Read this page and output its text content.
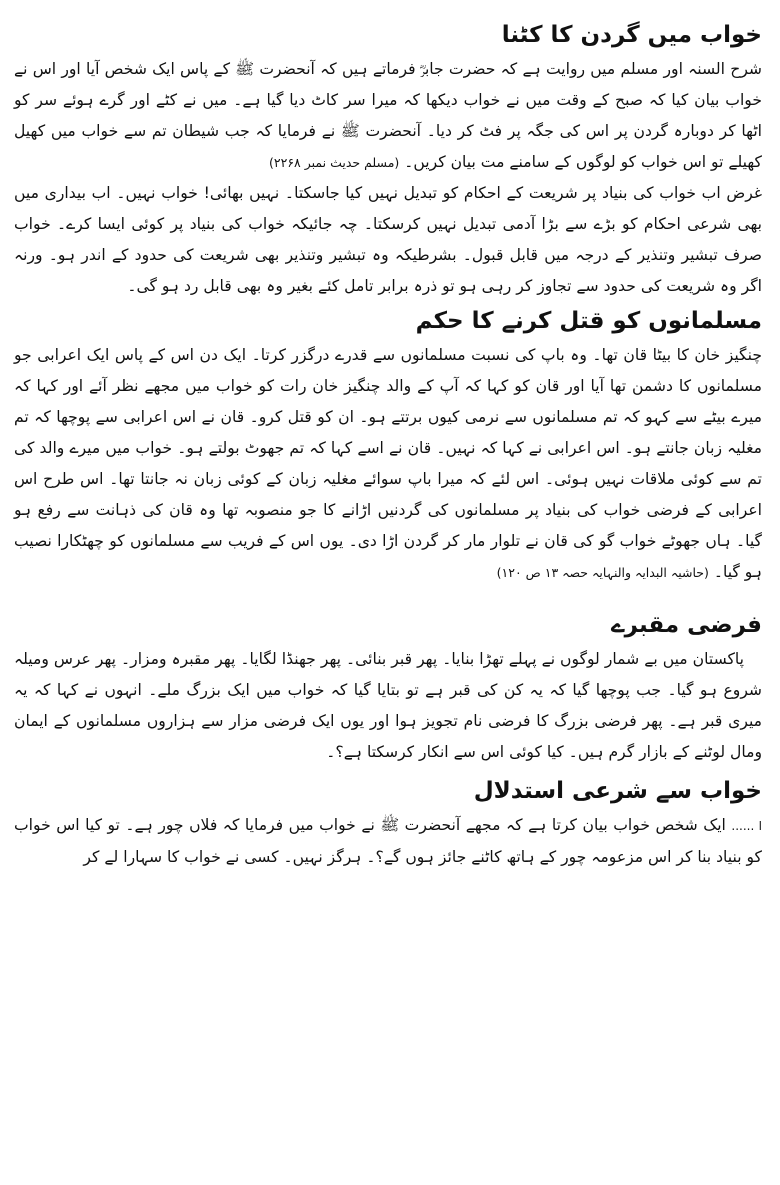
خواب میں گردن کا کٹنا

شرح السنہ اور مسلم میں روایت ہے کہ حضرت جابرؓ فرماتے ہیں کہ آنحضرت ﷺ کے پاس ایک شخص آیا اور اس نے خواب بیان کیا کہ صبح کے وقت میں نے خواب دیکھا کہ میرا سر کاٹ دیا گیا ہے۔ میں نے کٹے اور گرے ہوئے سر کو اٹھا کر دوبارہ گردن پر اس کی جگہ پر فٹ کر دیا۔ آنحضرت ﷺ نے فرمایا کہ جب شیطان تم سے خواب میں کھیل کھیلے تو اس خواب کو لوگوں کے سامنے مت بیان کریں۔ (مسلم حدیث نمبر ۲۲۶۸)

غرض اب خواب کی بنیاد پر شریعت کے احکام کو تبدیل نہیں کیا جاسکتا۔ نہیں بھائی! خواب نہیں۔ اب بیداری میں بھی شرعی احکام کو بڑے سے بڑا آدمی تبدیل نہیں کرسکتا۔ چہ جائیکہ خواب کی بنیاد پر کوئی ایسا کرے۔ خواب صرف تبشیر وتنذیر کے درجہ میں قابل قبول۔ بشرطیکہ وہ تبشیر وتنذیر بھی شریعت کی حدود کے اندر ہو۔ ورنہ اگر وہ شریعت کی حدود سے تجاوز کر رہی ہو تو ذرہ برابر تامل کئے بغیر وہ بھی قابل رد ہو گی۔

مسلمانوں کو قتل کرنے کا حکم

چنگیز خان کا بیٹا قان تھا۔ وہ باپ کی نسبت مسلمانوں سے قدرے درگزر کرتا۔ ایک دن اس کے پاس ایک اعرابی جو مسلمانوں کا دشمن تھا آیا اور قان کو کہا کہ آپ کے والد چنگیز خان رات کو خواب میں مجھے نظر آئے اور کہا کہ میرے بیٹے سے کہو کہ تم مسلمانوں سے نرمی کیوں برتتے ہو۔ ان کو قتل کرو۔ قان نے اس اعرابی سے پوچھا کہ تم مغلیہ زبان جانتے ہو۔ اس اعرابی نے کہا کہ نہیں۔ قان نے اسے کہا کہ تم جھوٹ بولتے ہو۔ خواب میں میرے والد کی تم سے کوئی ملاقات نہیں ہوئی۔ اس لئے کہ میرا باپ سوائے مغلیہ زبان کے کوئی زبان نہ جانتا تھا۔ اس طرح اس اعرابی کے فرضی خواب کی بنیاد پر مسلمانوں کی گردنیں اڑانے کا جو منصوبہ تھا وہ قان کی ذہانت سے رفع ہو گیا۔ ہاں جھوٹے خواب گو کی قان نے تلوار مار کر گردن اڑا دی۔ یوں اس کے فریب سے مسلمانوں کو چھٹکارا نصیب ہو گیا۔ (حاشیہ البدایہ والنہایہ حصہ ۱۳ ص ۱۲۰)

فرضی مقبرے

پاکستان میں بے شمار لوگوں نے پہلے تھڑا بنایا۔ پھر قبر بنائی۔ پھر جھنڈا لگایا۔ پھر مقبرہ ومزار۔ پھر عرس ومیلہ شروع ہو گیا۔ جب پوچھا گیا کہ یہ کن کی قبر ہے تو بتایا گیا کہ خواب میں ایک بزرگ ملے۔ انہوں نے کہا کہ یہ میری قبر ہے۔ پھر فرضی بزرگ کا فرضی نام تجویز ہوا اور یوں ایک فرضی مزار سے ہزاروں مسلمانوں کے ایمان ومال لوٹنے کے بازار گرم ہیں۔ کیا کوئی اس سے انکار کرسکتا ہے؟۔

خواب سے شرعی استدلال

ا ...... ایک شخص خواب بیان کرتا ہے کہ مجھے آنحضرت ﷺ نے خواب میں فرمایا کہ فلاں چور ہے۔ تو کیا اس خواب کو بنیاد بنا کر اس مزعومہ چور کے ہاتھ کاٹنے جائز ہوں گے؟۔ ہرگز نہیں۔ کسی نے خواب کا سہارا لے کر
